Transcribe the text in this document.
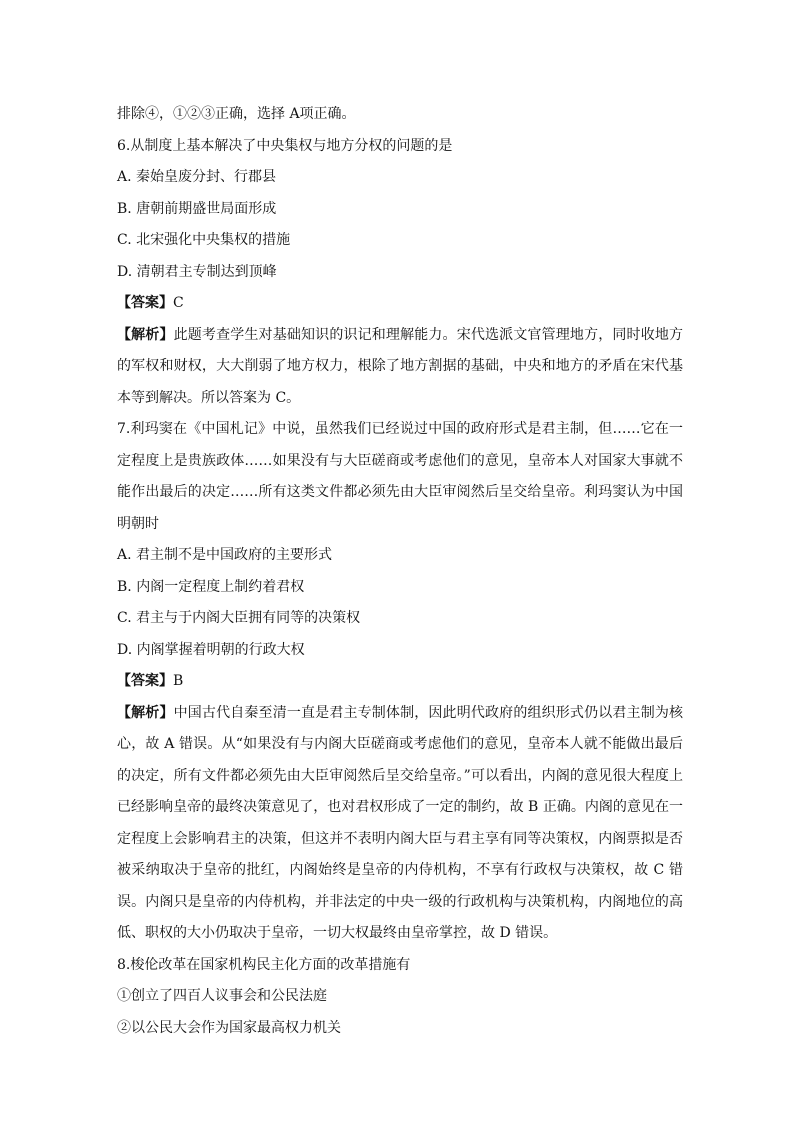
排除④，①②③正确，选择 A项正确。
6.从制度上基本解决了中央集权与地方分权的问题的是
A. 秦始皇废分封、行郡县
B. 唐朝前期盛世局面形成
C. 北宋强化中央集权的措施
D. 清朝君主专制达到顶峰
【答案】C
【解析】此题考查学生对基础知识的识记和理解能力。宋代选派文官管理地方，同时收地方的军权和财权，大大削弱了地方权力，根除了地方割据的基础，中央和地方的矛盾在宋代基本等到解决。所以答案为 C。
7.利玛窦在《中国札记》中说，虽然我们已经说过中国的政府形式是君主制，但……它在一定程度上是贵族政体……如果没有与大臣磋商或考虑他们的意见，皇帝本人对国家大事就不能作出最后的决定……所有这类文件都必须先由大臣审阅然后呈交给皇帝。利玛窦认为中国明朝时
A. 君主制不是中国政府的主要形式
B. 内阁一定程度上制约着君权
C. 君主与于内阁大臣拥有同等的决策权
D. 内阁掌握着明朝的行政大权
【答案】B
【解析】中国古代自秦至清一直是君主专制体制，因此明代政府的组织形式仍以君主制为核心，故 A 错误。从“如果没有与内阁大臣磋商或考虑他们的意见，皇帝本人就不能做出最后的决定，所有文件都必须先由大臣审阅然后呈交给皇帝。”可以看出，内阁的意见很大程度上已经影响皇帝的最终决策意见了，也对君权形成了一定的制约，故 B 正确。内阁的意见在一定程度上会影响君主的决策，但这并不表明内阁大臣与君主享有同等决策权，内阁票拟是否被采纳取决于皇帝的批红，内阁始终是皇帝的内侍机构，不享有行政权与决策权，故 C 错误。内阁只是皇帝的内侍机构，并非法定的中央一级的行政机构与决策机构，内阁地位的高低、职权的大小仍取决于皇帝，一切大权最终由皇帝掌控，故 D 错误。
8.梭伦改革在国家机构民主化方面的改革措施有
①创立了四百人议事会和公民法庭
②以公民大会作为国家最高权力机关
